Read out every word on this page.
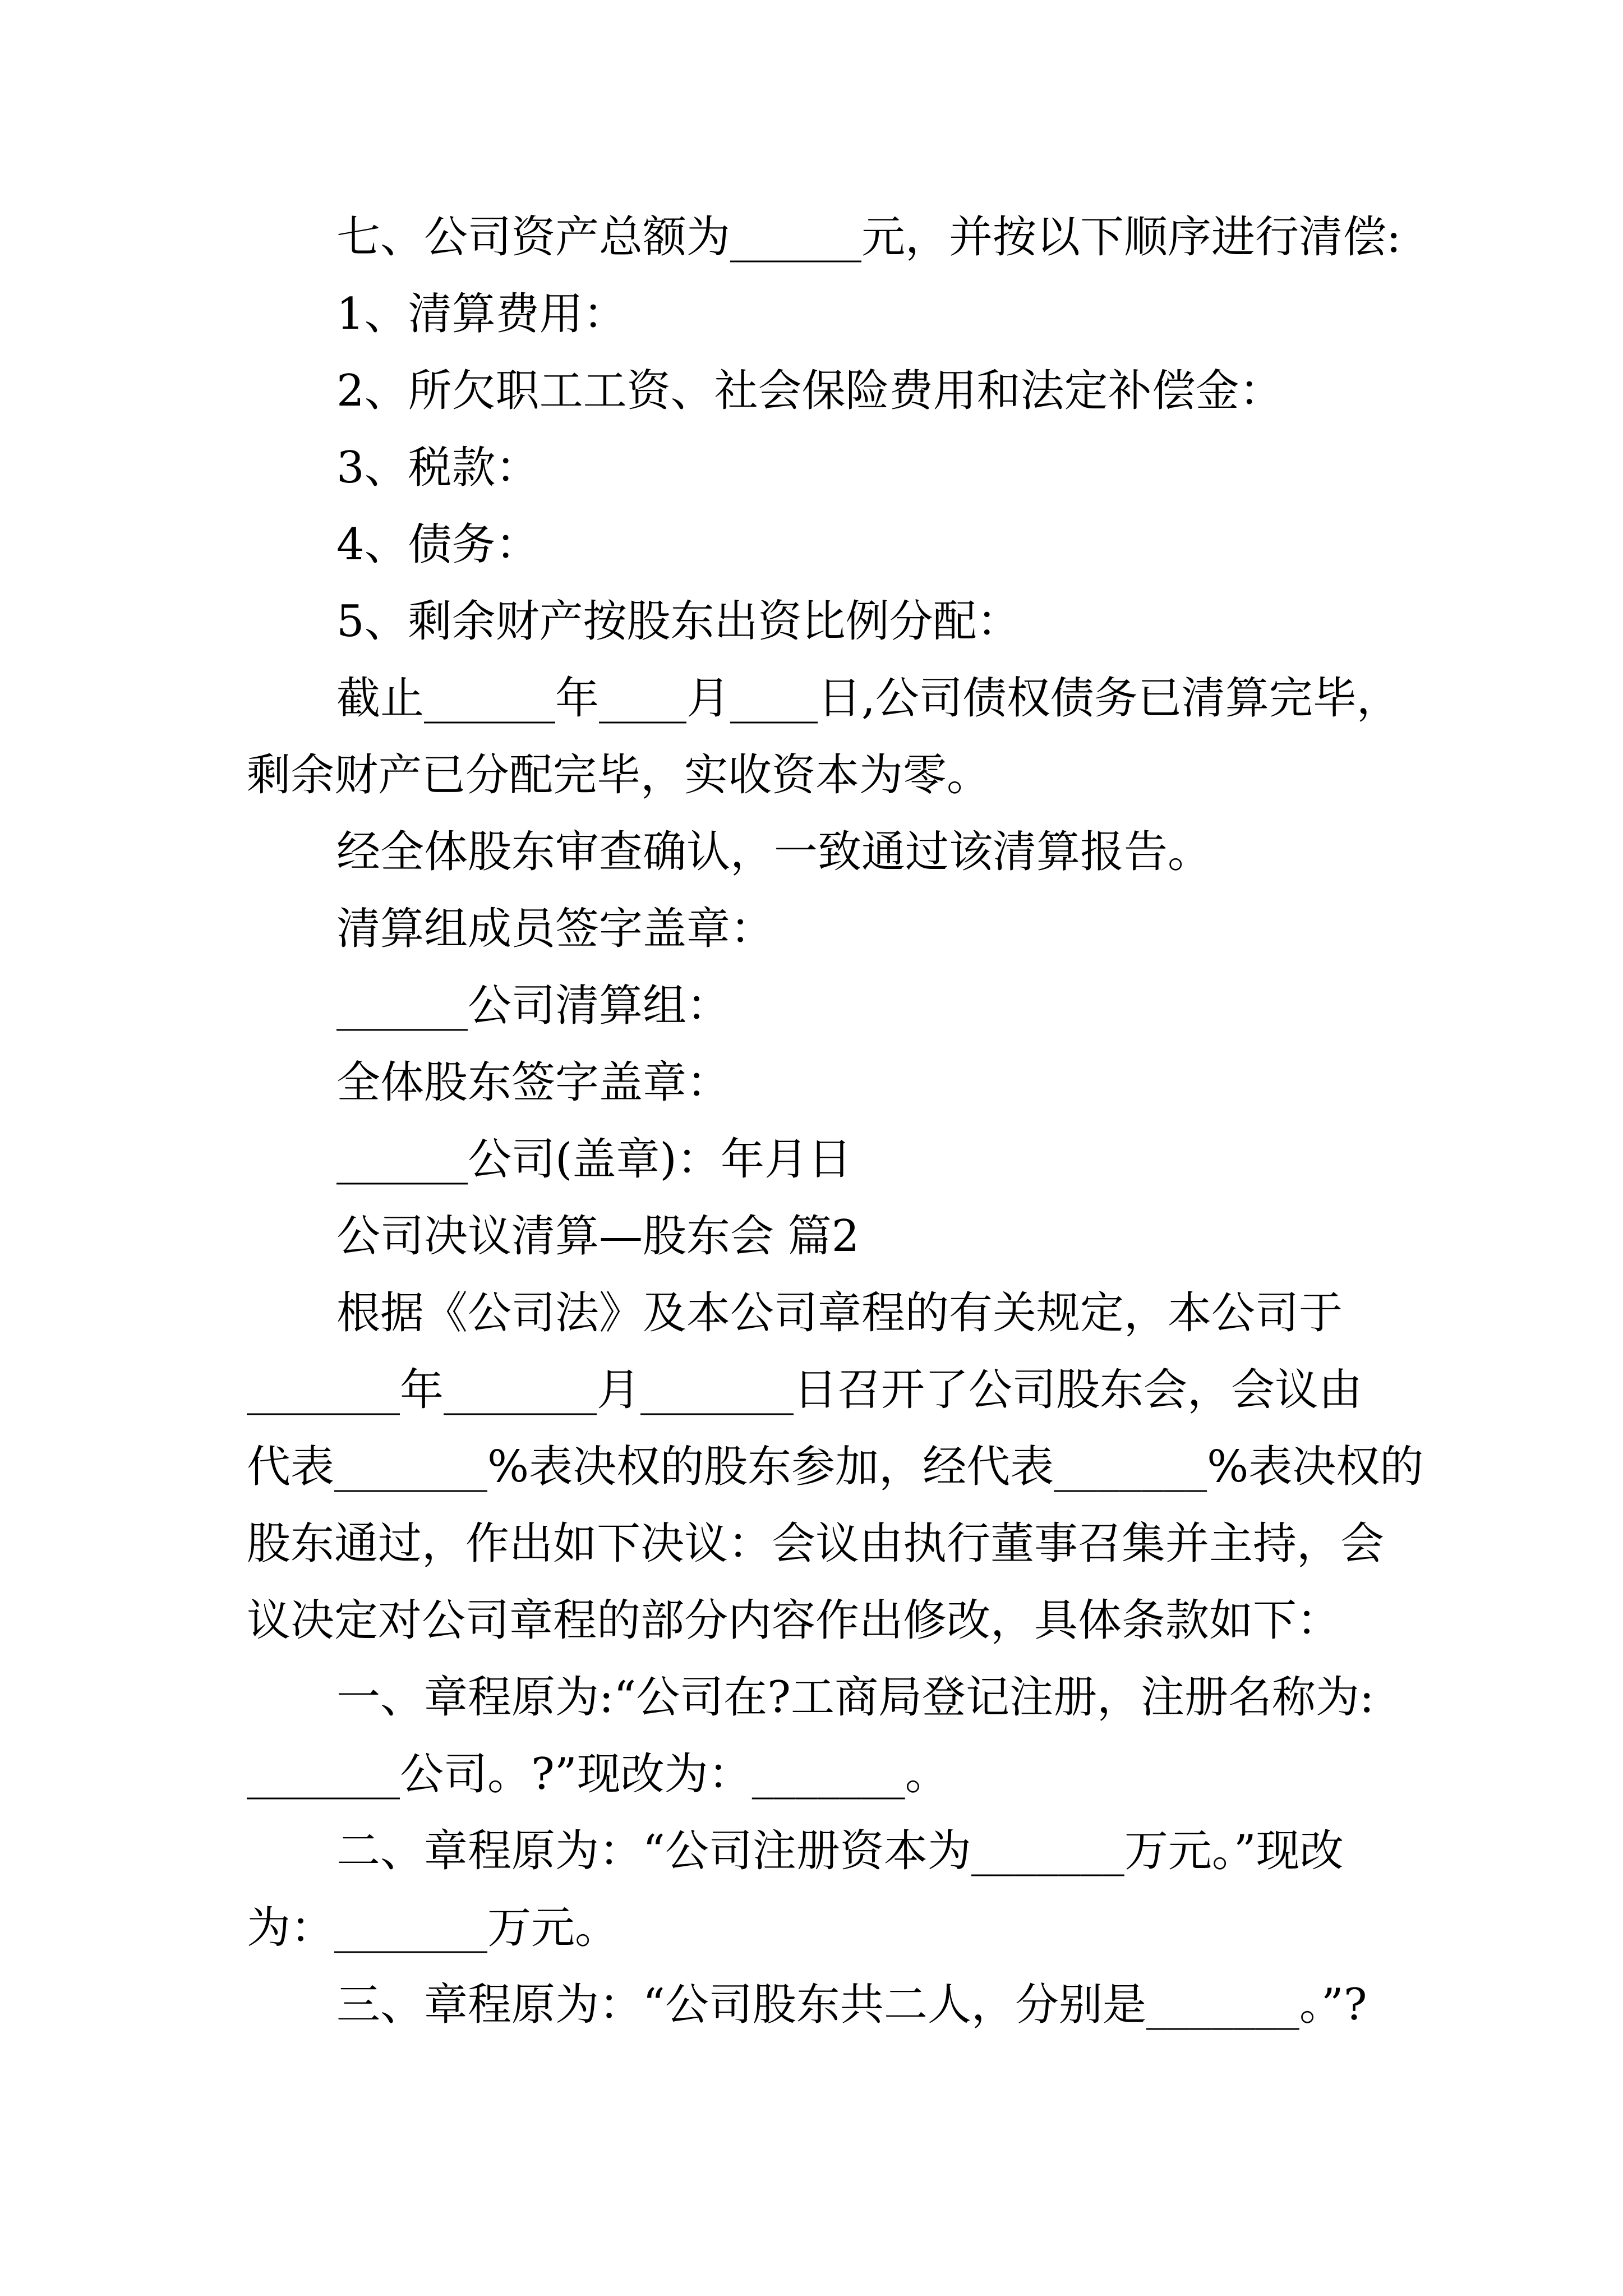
七、公司资产总额为______元，并按以下顺序进行清偿:
1、清算费用：
2、所欠职工工资、社会保险费用和法定补偿金：
3、税款：
4、债务：
5、剩余财产按股东出资比例分配：
截止______年____月____日,公司债权债务已清算完毕，
剩余财产已分配完毕，实收资本为零。
经全体股东审查确认，一致通过该清算报告。
清算组成员签字盖章：
______公司清算组：
全体股东签字盖章：
______公司(盖章)：年月日
公司决议清算—股东会 篇2
根据《公司法》及本公司章程的有关规定，本公司于
_______年_______月_______日召开了公司股东会，会议由
代表_______%表决权的股东参加，经代表_______%表决权的
股东通过，作出如下决议：会议由执行董事召集并主持，会
议决定对公司章程的部分内容作出修改，具体条款如下：
一、章程原为:“公司在?工商局登记注册，注册名称为:
_______公司。?”现改为：_______。
二、章程原为：“公司注册资本为_______万元。”现改
为：_______万元。
三、章程原为：“公司股东共二人，分别是_______。”?
